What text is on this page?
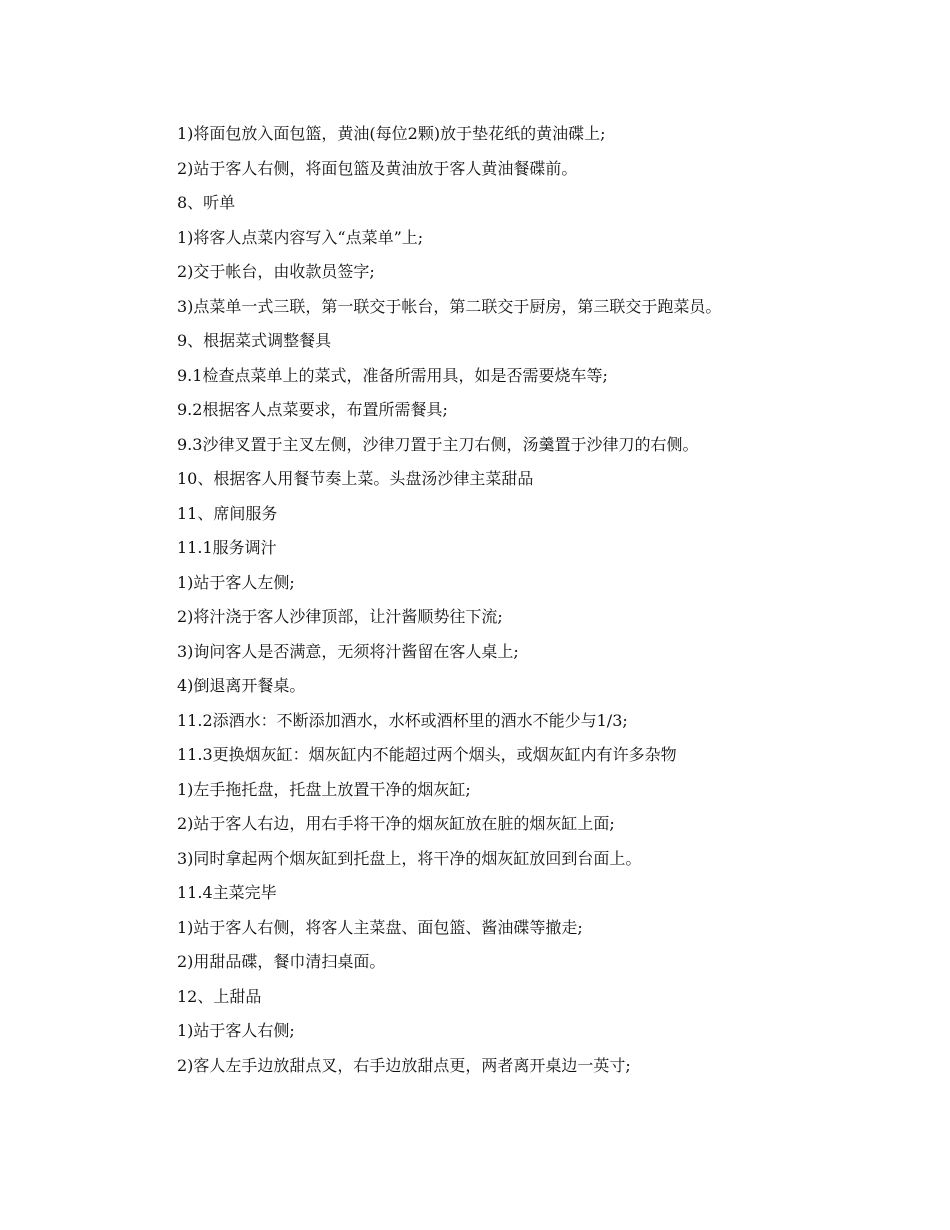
1)将面包放入面包篮，黄油(每位2颗)放于垫花纸的黄油碟上;
2)站于客人右侧，将面包篮及黄油放于客人黄油餐碟前。
8、听单
1)将客人点菜内容写入“点菜单”上;
2)交于帐台，由收款员签字;
3)点菜单一式三联，第一联交于帐台，第二联交于厨房，第三联交于跑菜员。
9、根据菜式调整餐具
9.1检查点菜单上的菜式，准备所需用具，如是否需要烧车等;
9.2根据客人点菜要求，布置所需餐具;
9.3沙律叉置于主叉左侧，沙律刀置于主刀右侧，汤羹置于沙律刀的右侧。
10、根据客人用餐节奏上菜。头盘汤沙律主菜甜品
11、席间服务
11.1服务调汁
1)站于客人左侧;
2)将汁浇于客人沙律顶部，让汁酱顺势往下流;
3)询问客人是否满意，无须将汁酱留在客人桌上;
4)倒退离开餐桌。
11.2添酒水：不断添加酒水，水杯或酒杯里的酒水不能少与1/3;
11.3更换烟灰缸：烟灰缸内不能超过两个烟头，或烟灰缸内有许多杂物
1)左手拖托盘，托盘上放置干净的烟灰缸;
2)站于客人右边，用右手将干净的烟灰缸放在脏的烟灰缸上面;
3)同时拿起两个烟灰缸到托盘上，将干净的烟灰缸放回到台面上。
11.4主菜完毕
1)站于客人右侧，将客人主菜盘、面包篮、酱油碟等撤走;
2)用甜品碟，餐巾清扫桌面。
12、上甜品
1)站于客人右侧;
2)客人左手边放甜点叉，右手边放甜点更，两者离开桌边一英寸;
